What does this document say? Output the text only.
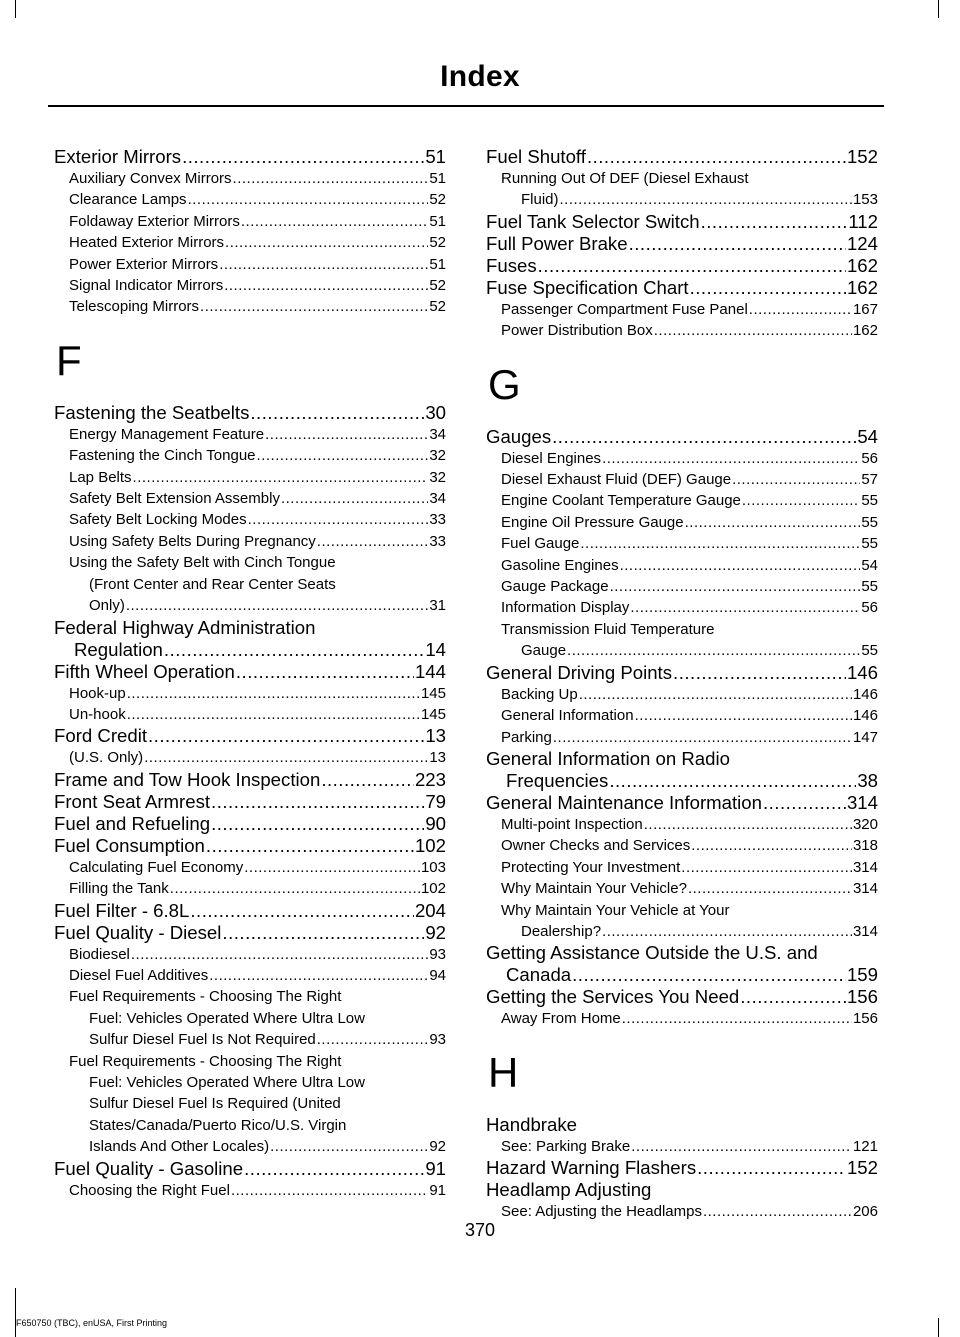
Index
Exterior Mirrors .....	51
Auxiliary Convex Mirrors .....	51
Clearance Lamps .....	52
Foldaway Exterior Mirrors .....	51
Heated Exterior Mirrors .....	52
Power Exterior Mirrors .....	51
Signal Indicator Mirrors .....	52
Telescoping Mirrors .....	52
F
Fastening the Seatbelts .....	30
Energy Management Feature .....	34
Fastening the Cinch Tongue .....	32
Lap Belts .....	32
Safety Belt Extension Assembly .....	34
Safety Belt Locking Modes .....	33
Using Safety Belts During Pregnancy .....	33
Using the Safety Belt with Cinch Tongue
(Front Center and Rear Center Seats
Only) .....	31
Federal Highway Administration
Regulation .....	14
Fifth Wheel Operation .....	144
Hook-up .....	145
Un-hook .....	145
Ford Credit .....	13
(U.S. Only) .....	13
Frame and Tow Hook Inspection .....	223
Front Seat Armrest .....	79
Fuel and Refueling .....	90
Fuel Consumption .....	102
Calculating Fuel Economy .....	103
Filling the Tank .....	102
Fuel Filter - 6.8L .....	204
Fuel Quality - Diesel .....	92
Biodiesel .....	93
Diesel Fuel Additives .....	94
Fuel Requirements - Choosing The Right
Fuel: Vehicles Operated Where Ultra Low
Sulfur Diesel Fuel Is Not Required .....	93
Fuel Requirements - Choosing The Right
Fuel: Vehicles Operated Where Ultra Low
Sulfur Diesel Fuel Is Required (United
States/Canada/Puerto Rico/U.S. Virgin
Islands And Other Locales) .....	92
Fuel Quality - Gasoline .....	91
Choosing the Right Fuel .....	91
Fuel Shutoff .....	152
Running Out Of DEF (Diesel Exhaust
Fluid) .....	153
Fuel Tank Selector Switch .....	112
Full Power Brake .....	124
Fuses .....	162
Fuse Specification Chart .....	162
Passenger Compartment Fuse Panel .....	167
Power Distribution Box .....	162
G
Gauges .....	54
Diesel Engines .....	56
Diesel Exhaust Fluid (DEF) Gauge .....	57
Engine Coolant Temperature Gauge .....	55
Engine Oil Pressure Gauge .....	55
Fuel Gauge .....	55
Gasoline Engines .....	54
Gauge Package .....	55
Information Display .....	56
Transmission Fluid Temperature
Gauge .....	55
General Driving Points .....	146
Backing Up .....	146
General Information .....	146
Parking .....	147
General Information on Radio
Frequencies .....	38
General Maintenance Information .....	314
Multi-point Inspection .....	320
Owner Checks and Services .....	318
Protecting Your Investment .....	314
Why Maintain Your Vehicle? .....	314
Why Maintain Your Vehicle at Your
Dealership? .....	314
Getting Assistance Outside the U.S. and
Canada .....	159
Getting the Services You Need .....	156
Away From Home .....	156
H
Handbrake
See: Parking Brake .....	121
Hazard Warning Flashers .....	152
Headlamp Adjusting
See: Adjusting the Headlamps .....	206
370
F650750 (TBC), enUSA, First Printing
